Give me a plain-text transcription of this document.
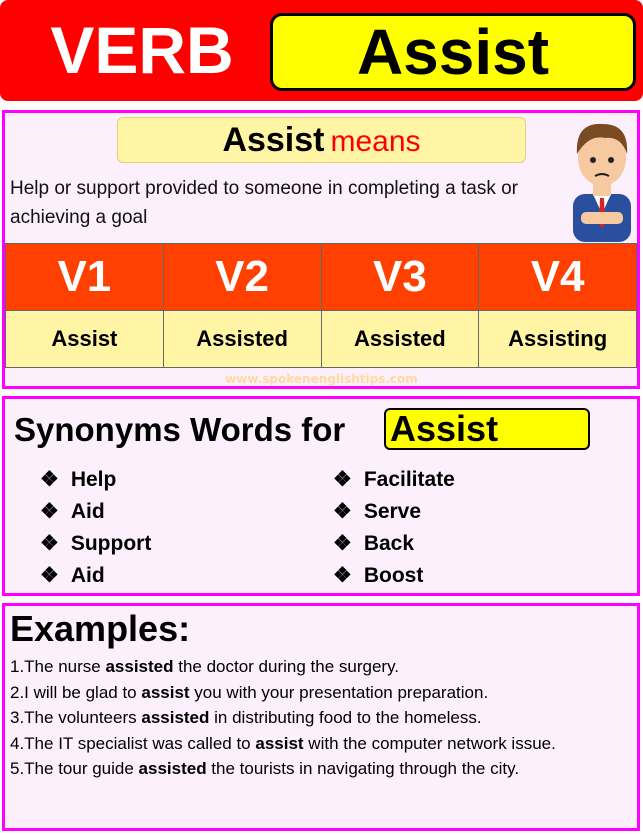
VERB	Assist
Assist means
Help or support provided to someone in completing a task or achieving a goal
V1	V2	V3	V4
Assist	Assisted	Assisted	Assisting
www.spokenenglishtips.com
Synonyms Words for Assist
❖ Help
❖ Aid
❖ Support
❖ Aid
❖ Facilitate
❖ Serve
❖ Back
❖ Boost
Examples:
1.The nurse assisted the doctor during the surgery.
2.I will be glad to assist you with your presentation preparation.
3.The volunteers assisted in distributing food to the homeless.
4.The IT specialist was called to assist with the computer network issue.
5.The tour guide assisted the tourists in navigating through the city.
